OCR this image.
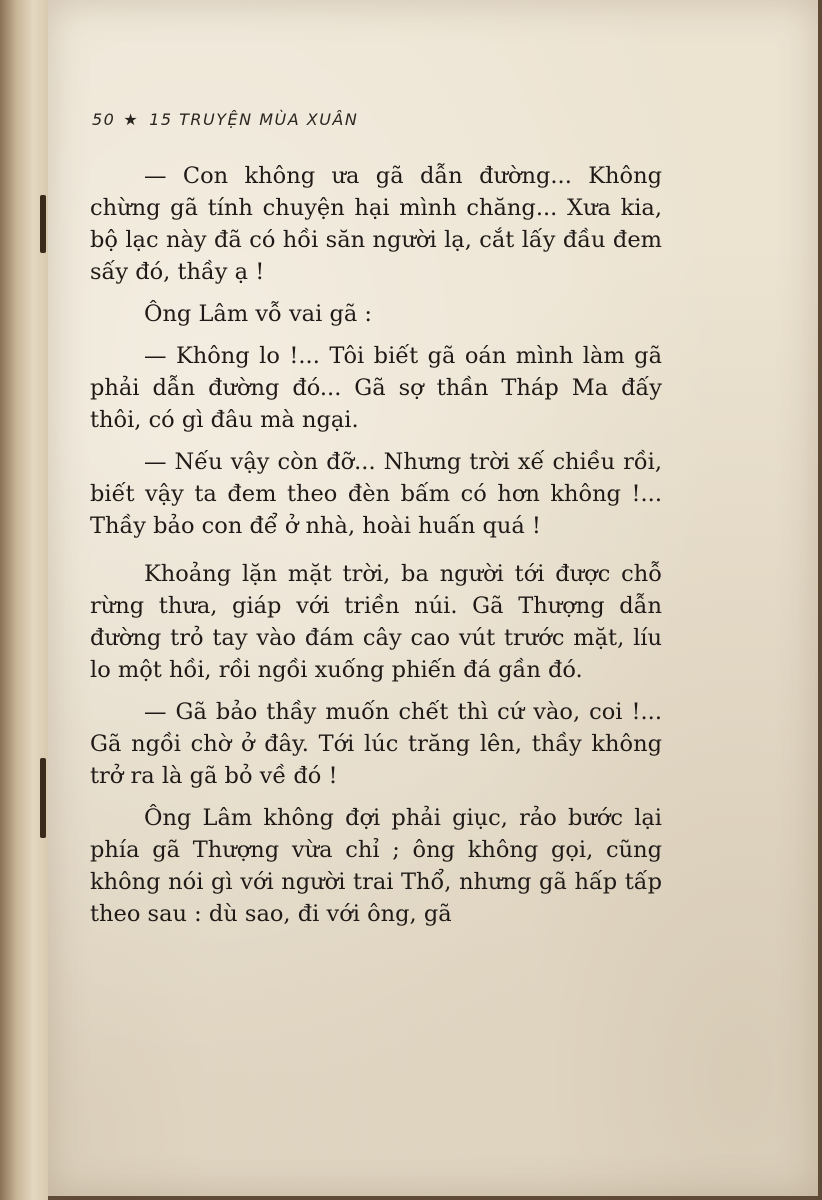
50 ★ 15 TRUYỆN MÙA XUÂN

— Con không ưa gã dẫn đường... Không chừng gã tính chuyện hại mình chăng... Xưa kia, bộ lạc này đã có hồi săn người lạ, cắt lấy đầu đem sấy đó, thầy ạ !

Ông Lâm vỗ vai gã :

— Không lo !... Tôi biết gã oán mình làm gã phải dẫn đường đó... Gã sợ thần Tháp Ma đấy thôi, có gì đâu mà ngại.

— Nếu vậy còn đỡ... Nhưng trời xế chiều rồi, biết vậy ta đem theo đèn bấm có hơn không !... Thầy bảo con để ở nhà, hoài huấn quá !

Khoảng lặn mặt trời, ba người tới được chỗ rừng thưa, giáp với triền núi. Gã Thượng dẫn đường trỏ tay vào đám cây cao vút trước mặt, líu lo một hồi, rồi ngồi xuống phiến đá gần đó.

— Gã bảo thầy muốn chết thì cứ vào, coi !... Gã ngồi chờ ở đây. Tới lúc trăng lên, thầy không trở ra là gã bỏ về đó !

Ông Lâm không đợi phải giục, rảo bước lại phía gã Thượng vừa chỉ ; ông không gọi, cũng không nói gì với người trai Thổ, nhưng gã hấp tấp theo sau : dù sao, đi với ông, gã
